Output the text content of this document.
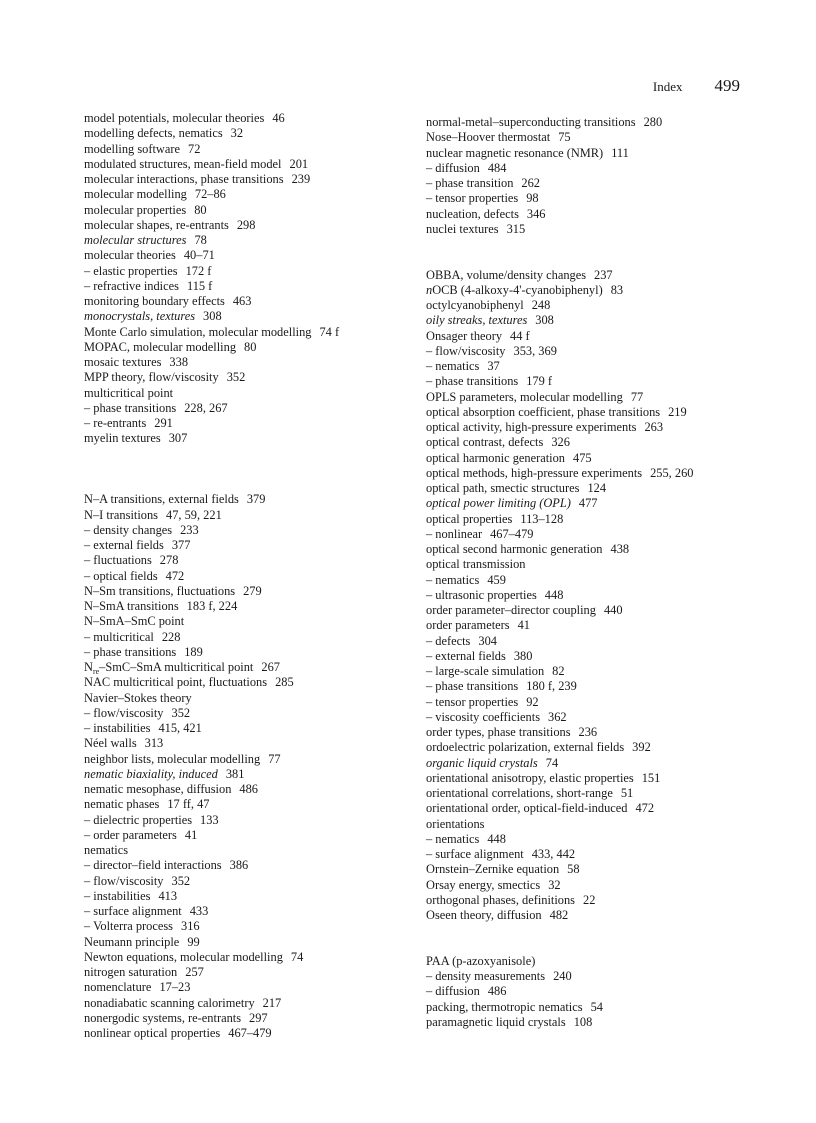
Index 499
model potentials, molecular theories 46
modelling defects, nematics 32
modelling software 72
modulated structures, mean-field model 201
molecular interactions, phase transitions 239
molecular modelling 72–86
molecular properties 80
molecular shapes, re-entrants 298
molecular structures 78
molecular theories 40–71
– elastic properties 172 f
– refractive indices 115 f
monitoring boundary effects 463
monocrystals, textures 308
Monte Carlo simulation, molecular modelling 74 f
MOPAC, molecular modelling 80
mosaic textures 338
MPP theory, flow/viscosity 352
multicritical point
– phase transitions 228, 267
– re-entrants 291
myelin textures 307
N–A transitions, external fields 379
N–I transitions 47, 59, 221
– density changes 233
– external fields 377
– fluctuations 278
– optical fields 472
N–Sm transitions, fluctuations 279
N–SmA transitions 183 f, 224
N–SmA–SmC point
– multicritical 228
– phase transitions 189
$N_{re}-SmC$–SmA multicritical point 267
NAC multicritical point, fluctuations 285
Navier–Stokes theory
– flow/viscosity 352
– instabilities 415, 421
Néel walls 313
neighbor lists, molecular modelling 77
nematic biaxiality, induced 381
nematic mesophase, diffusion 486
nematic phases 17 ff, 47
– dielectric properties 133
– order parameters 41
nematics
– director–field interactions 386
– flow/viscosity 352
– instabilities 413
– surface alignment 433
– Volterra process 316
Neumann principle 99
Newton equations, molecular modelling 74
nitrogen saturation 257
nomenclature 17–23
nonadiabatic scanning calorimetry 217
nonergodic systems, re-entrants 297
nonlinear optical properties 467–479
normal-metal–superconducting transitions 280
Nose–Hoover thermostat 75
nuclear magnetic resonance (NMR) 111
– diffusion 484
– phase transition 262
– tensor properties 98
nucleation, defects 346
nuclei textures 315
OBBA, volume/density changes 237
nOCB (4-alkoxy-4'-cyanobiphenyl) 83
octylcyanobiphenyl 248
oily streaks, textures 308
Onsager theory 44 f
– flow/viscosity 353, 369
– nematics 37
– phase transitions 179 f
OPLS parameters, molecular modelling 77
optical absorption coefficient, phase transitions 219
optical activity, high-pressure experiments 263
optical contrast, defects 326
optical harmonic generation 475
optical methods, high-pressure experiments 255, 260
optical path, smectic structures 124
optical power limiting (OPL) 477
optical properties 113–128
– nonlinear 467–479
optical second harmonic generation 438
optical transmission
– nematics 459
– ultrasonic properties 448
order parameter–director coupling 440
order parameters 41
– defects 304
– external fields 380
– large-scale simulation 82
– phase transitions 180 f, 239
– tensor properties 92
– viscosity coefficients 362
order types, phase transitions 236
ordoelectric polarization, external fields 392
organic liquid crystals 74
orientational anisotropy, elastic properties 151
orientational correlations, short-range 51
orientational order, optical-field-induced 472
orientations
– nematics 448
– surface alignment 433, 442
Ornstein–Zernike equation 58
Orsay energy, smectics 32
orthogonal phases, definitions 22
Oseen theory, diffusion 482
PAA (p-azoxyanisole)
– density measurements 240
– diffusion 486
packing, thermotropic nematics 54
paramagnetic liquid crystals 108
